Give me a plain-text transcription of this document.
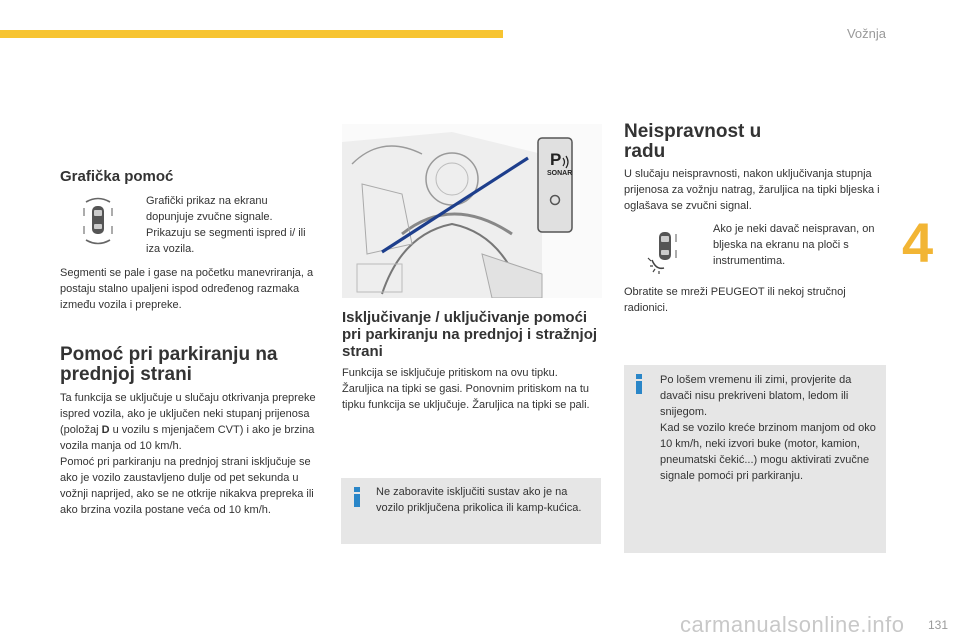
Vožnja
4
Grafička pomoć

Grafički prikaz na ekranu dopunjuje zvučne signale. Prikazuju se segmenti ispred i/ ili iza vozila.

Segmenti se pale i gase na početku manevriranja, a postaju stalno upaljeni ispod određenog razmaka između vozila i prepreke.

Pomoć pri parkiranju na prednjoj strani

Ta funkcija se uključuje u slučaju otkrivanja prepreke ispred vozila, ako je uključen neki stupanj prijenosa (položaj D u vozilu s mjenjačem CVT) i ako je brzina vozila manja od 10 km/h.
Pomoć pri parkiranju na prednjoj strani isključuje se ako je vozilo zaustavljeno dulje od pet sekunda u vožnji naprijed, ako se ne otkrije nikakva prepreka ili ako brzina vozila postane veća od 10 km/h.

P
SONAR
Isključivanje / uključivanje pomoći pri parkiranju na prednjoj i stražnjoj strani

Funkcija se isključuje pritiskom na ovu tipku. Žaruljica na tipki se gasi. Ponovnim pritiskom na tu tipku funkcija se uključuje. Žaruljica na tipki se pali.

Ne zaboravite isključiti sustav ako je na vozilo priključena prikolica ili kamp-kućica.

Neispravnost u radu

U slučaju neispravnosti, nakon uključivanja stupnja prijenosa za vožnju natrag, žaruljica na tipki bljeska i oglašava se zvučni signal.

Ako je neki davač neispravan, on bljeska na ekranu na ploči s instrumentima.

Obratite se mreži PEUGEOT ili nekoj stručnoj radionici.

Po lošem vremenu ili zimi, provjerite da davači nisu prekriveni blatom, ledom ili snijegom.
Kad se vozilo kreće brzinom manjom od oko 10 km/h, neki izvori buke (motor, kamion, pneumatski čekić...) mogu aktivirati zvučne signale pomoći pri parkiranju.

carmanualsonline.info 131
